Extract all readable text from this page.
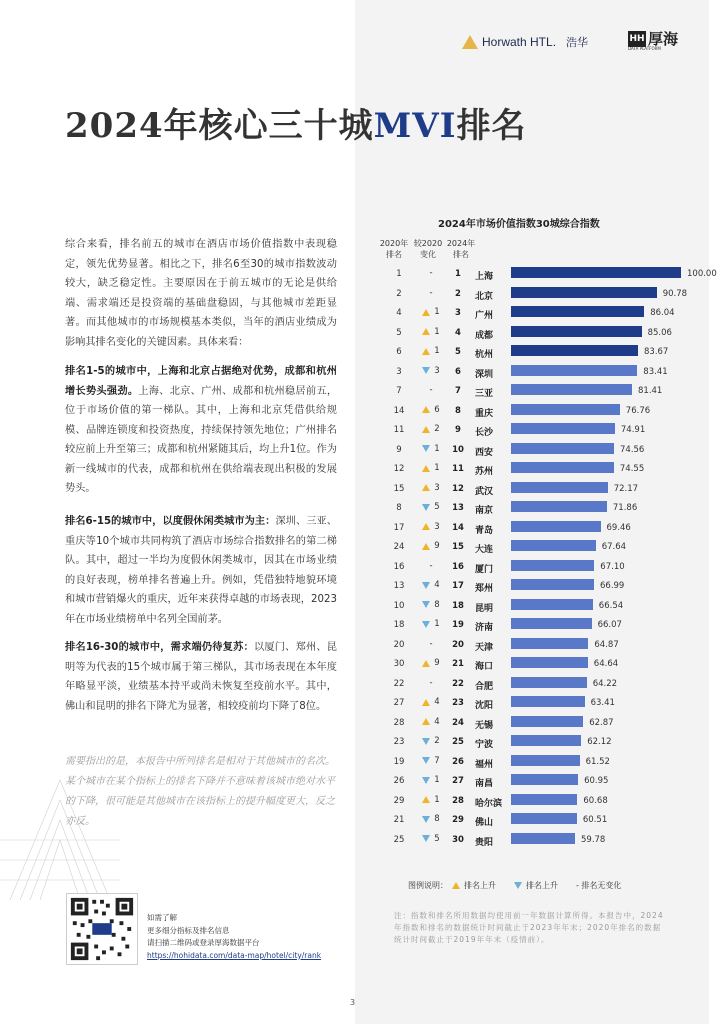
Horwath HTL. 浩华	HH 厚海
DATA PLATFORM
2024年核心三十城MVI排名

综合来看，排名前五的城市在酒店市场价值指数中表现稳定，领先优势显著。相比之下，排名6至30的城市指数波动较大，缺乏稳定性。主要原因在于前五城市的无论是供给端、需求端还是投资端的基础盘稳固，与其他城市差距显著。而其他城市的市场规模基本类似，当年的酒店业绩成为影响其排名变化的关键因素。具体来看：

排名1-5的城市中，上海和北京占据绝对优势，成都和杭州增长势头强劲。上海、北京、广州、成都和杭州稳居前五，位于市场价值的第一梯队。其中，上海和北京凭借供给规模、品牌连锁度和投资热度，持续保持领先地位；广州排名较应前上升至第三；成都和杭州紧随其后，均上升1位。作为新一线城市的代表，成都和杭州在供给端表现出积极的发展势头。

排名6-15的城市中，以度假休闲类城市为主：深圳、三亚、重庆等10个城市共同构筑了酒店市场综合指数排名的第二梯队。其中，超过一半均为度假休闲类城市，因其在市场业绩的良好表现，榜单排名普遍上升。例如，凭借独特地貌环境和城市营销爆火的重庆，近年来获得卓越的市场表现，2023年在市场业绩榜单中名列全国前茅。

排名16-30的城市中，需求端仍待复苏：以厦门、郑州、昆明等为代表的15个城市属于第三梯队，其市场表现在本年度年略显平淡，业绩基本持平或尚未恢复至疫前水平。其中，佛山和昆明的排名下降尤为显著，相较疫前均下降了8位。

需要指出的是，本报告中所列排名是相对于其他城市的名次。某个城市在某个指标上的排名下降并不意味着该城市绝对水平的下降，很可能是其他城市在该指标上的提升幅度更大，反之亦反。

2024年市场价值指数30城综合指数
2020年
排名
较2020
变化
2024年
排名
1	-	1	上海	100.00
2	-	2	北京	90.78
4	1	3	广州	86.04
5	1	4	成都	85.06
6	1	5	杭州	83.67
3	3	6	深圳	83.41
7	-	7	三亚	81.41
14	6	8	重庆	76.76
11	2	9	长沙	74.91
9	1	10	西安	74.56
12	1	11	苏州	74.55
15	3	12	武汉	72.17
8	5	13	南京	71.86
17	3	14	青岛	69.46
24	9	15	大连	67.64
16	-	16	厦门	67.10
13	4	17	郑州	66.99
10	8	18	昆明	66.54
18	1	19	济南	66.07
20	-	20	天津	64.87
30	9	21	海口	64.64
22	-	22	合肥	64.22
27	4	23	沈阳	63.41
28	4	24	无锡	62.87
23	2	25	宁波	62.12
19	7	26	福州	61.52
26	1	27	南昌	60.95
29	1	28	哈尔滨	60.68
21	8	29	佛山	60.51
25	5	30	贵阳	59.78
图例说明： 排名上升	排名上升 - 排名无变化

注：指数和排名所用数据均使用前一年数据计算所得。本报告中，2024年指数和排名的数据统计时间截止于2023年年末；2020年排名的数据统计时间截止于2019年年末（疫情前）。

如需了解
更多细分指标及排名信息
请扫描二维码或登录厚海数据平台
https://hohidata.com/data-map/hotel/city/rank
3
